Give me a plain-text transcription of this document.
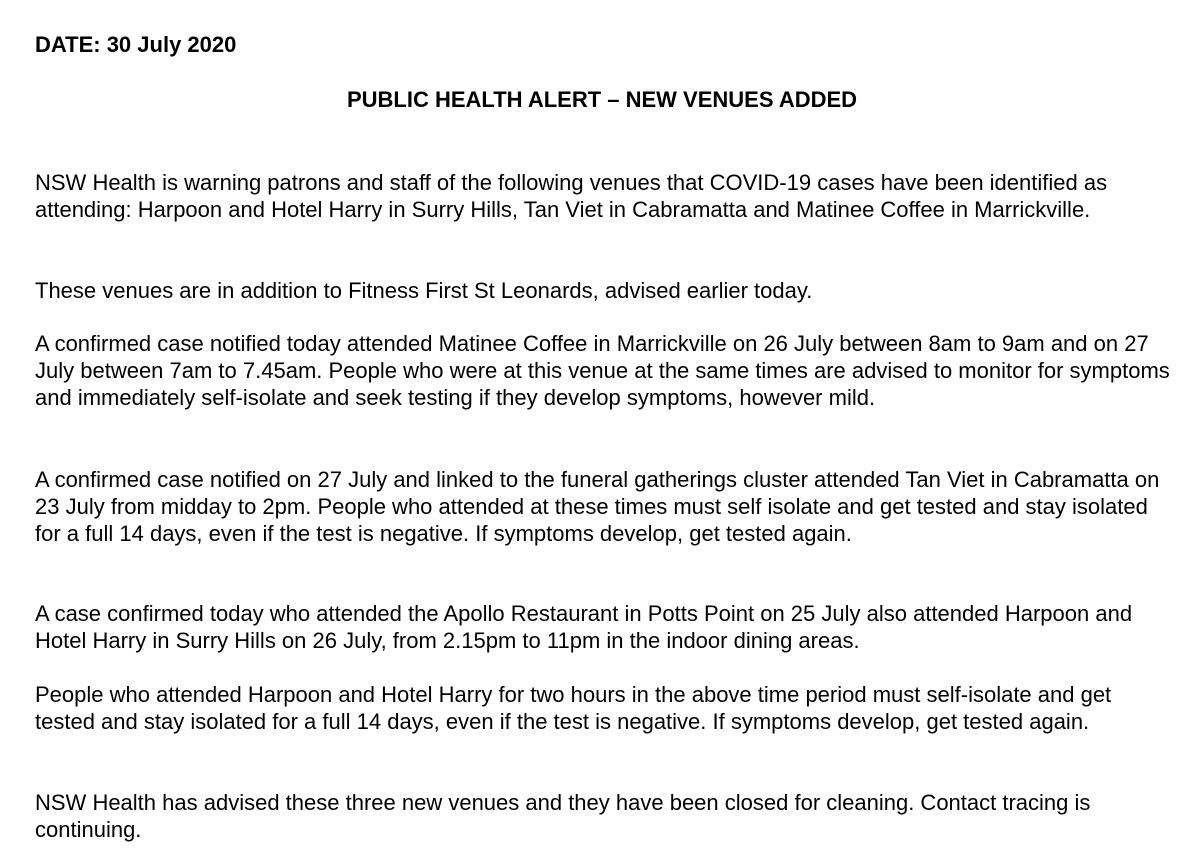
DATE: 30 July 2020
PUBLIC HEALTH ALERT – NEW VENUES ADDED

NSW Health is warning patrons and staff of the following venues that COVID-19 cases have been identified as attending: Harpoon and Hotel Harry in Surry Hills, Tan Viet in Cabramatta and Matinee Coffee in Marrickville.

These venues are in addition to Fitness First St Leonards, advised earlier today.

A confirmed case notified today attended Matinee Coffee in Marrickville on 26 July between 8am to 9am and on 27 July between 7am to 7.45am. People who were at this venue at the same times are advised to monitor for symptoms and immediately self-isolate and seek testing if they develop symptoms, however mild.

A confirmed case notified on 27 July and linked to the funeral gatherings cluster attended Tan Viet in Cabramatta on 23 July from midday to 2pm. People who attended at these times must self isolate and get tested and stay isolated for a full 14 days, even if the test is negative. If symptoms develop, get tested again.

A case confirmed today who attended the Apollo Restaurant in Potts Point on 25 July also attended Harpoon and Hotel Harry in Surry Hills on 26 July, from 2.15pm to 11pm in the indoor dining areas.

People who attended Harpoon and Hotel Harry for two hours in the above time period must self-isolate and get tested and stay isolated for a full 14 days, even if the test is negative. If symptoms develop, get tested again.

NSW Health has advised these three new venues and they have been closed for cleaning. Contact tracing is continuing.
